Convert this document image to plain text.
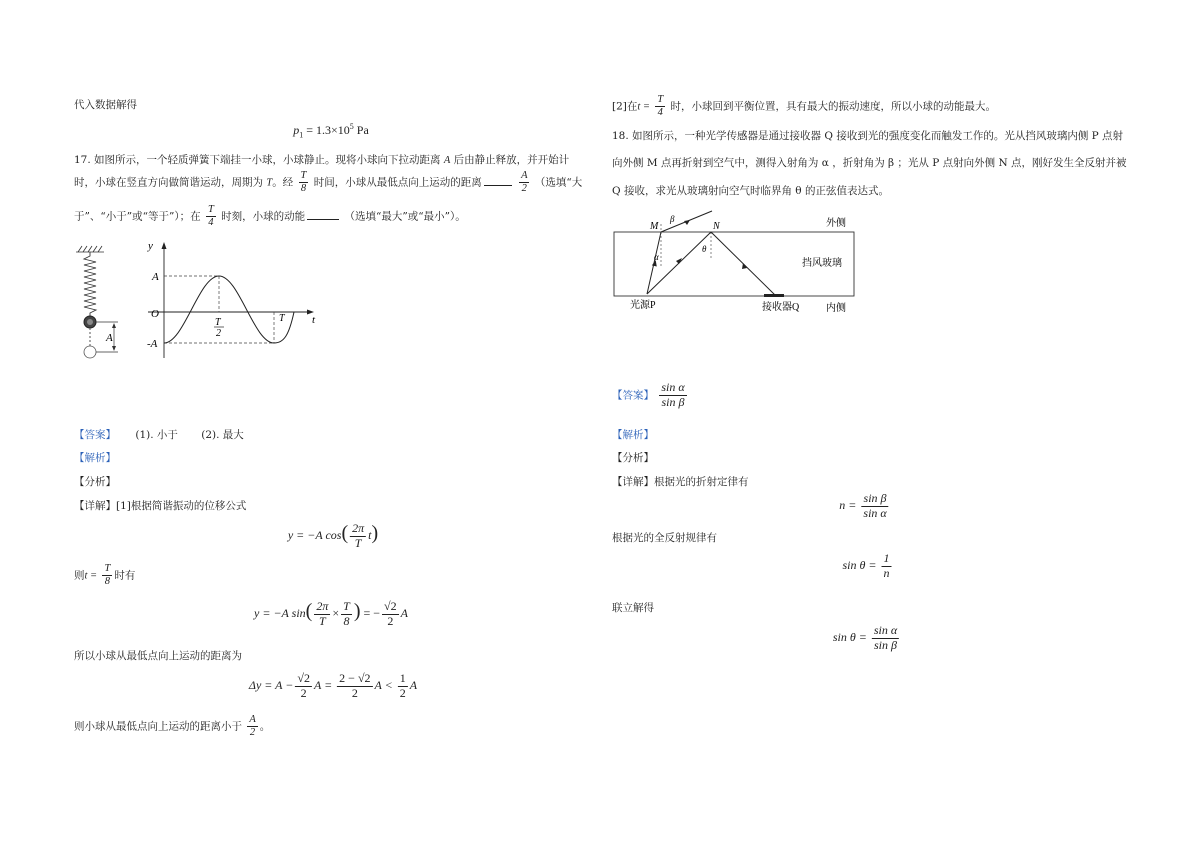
代入数据解得
$p_1 = 1.3\times 10^5$ Pa
17. 如图所示，一个轻质弹簧下端挂一小球，小球静止。现将小球向下拉动距离 A 后由静止释放，并开始计
时，小球在竖直方向做简谐运动，周期为 T。经 $\frac{T}{8}$ 时间，小球从最低点向上运动的距离	$\frac{A}{2}$ （选填“大
于”、“小于”或“等于”）；在 $\frac{T}{4}$ 时刻，小球的动能	（选填“最大”或“最小”）。
A
y
A
O
-A
t
T
2
T
【答案】 (1). 小于 (2). 最大
【解析】
【分析】
【详解】[1]根据简谐振动的位移公式
y = −A $\cos( \frac{2\pi}{T} t)$
则$t = \frac{T}{8}$ 时有
y = −A $\sin( \frac{2\pi}{T} \times \frac{T}{8}$ ) = − $\frac{√2}{2}$ A
所以小球从最低点向上运动的距离为
$\Delta y = A - \frac{√2}{2}$ $A = \frac{2 - √2}{2}$ $A < \frac{1}{2}$ A
则小球从最低点向上运动的距离小于 $\frac{A}{2}$ 。
[2]在$t = \frac{T}{4}$ 时，小球回到平衡位置，具有最大的振动速度，所以小球的动能最大。
18. 如图所示，一种光学传感器是通过接收器 Q 接收到光的强度变化而触发工作的。光从挡风玻璃内侧 P 点射
向外侧 M 点再折射到空气中，测得入射角为 α ，折射角为 β ；光从 P 点射向外侧 N 点，刚好发生全反射并被
Q 接收，求光从玻璃射向空气时临界角 θ 的正弦值表达式。
M	N
β
α
θ
外侧
挡风玻璃
内侧
光源P	接收器Q
【答案】 $\frac{\text{sin α}}{\text{sin β}}$
【解析】
【分析】
【详解】根据光的折射定律有
$n = \frac{\text{sin β}}{\text{sin α}}$
根据光的全反射规律有
$\sin \theta = \frac{1}{n}$
联立解得
$\sin \theta = \frac{\text{sin α}}{\text{sin β}}$
